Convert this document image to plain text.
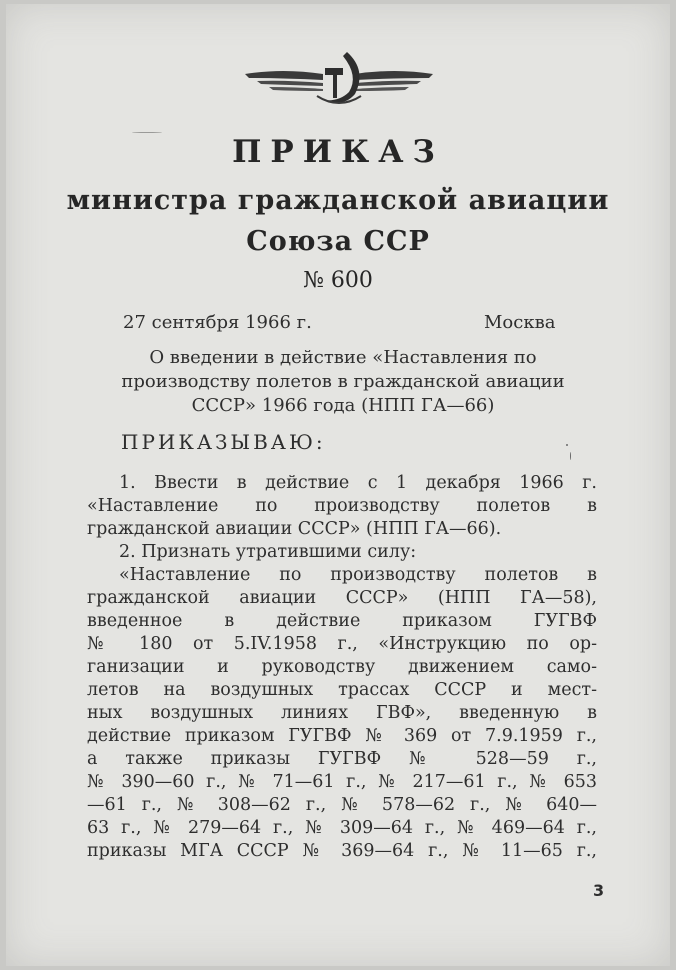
ПРИКАЗ
министра гражданской авиации
Союза ССР
№ 600
27 сентября 1966 г.	Москва
О введении в действие «Наставления по
производству полетов в гражданской авиации
СССР» 1966 года (НПП ГА—66)
ПРИКАЗЫВАЮ:
1. Ввести в действие с 1 декабря 1966 г.
«Наставление по производству полетов в
гражданской авиации СССР» (НПП ГА—66).
2. Признать утратившими силу:
«Наставление по производству полетов в
гражданской авиации СССР» (НПП ГА—58),
введенное в действие приказом ГУГВФ
№ 180 от 5.IV.1958 г., «Инструкцию по ор-
ганизации и руководству движением само-
летов на воздушных трассах СССР и мест-
ных воздушных линиях ГВФ», введенную в
действие приказом ГУГВФ № 369 от 7.9.1959 г.,
а также приказы ГУГВФ № 528—59 г.,
№ 390—60 г., № 71—61 г., № 217—61 г., № 653
—61 г., № 308—62 г., № 578—62 г., № 640—
63 г., № 279—64 г., № 309—64 г., № 469—64 г.,
приказы МГА СССР № 369—64 г., № 11—65 г.,
3
